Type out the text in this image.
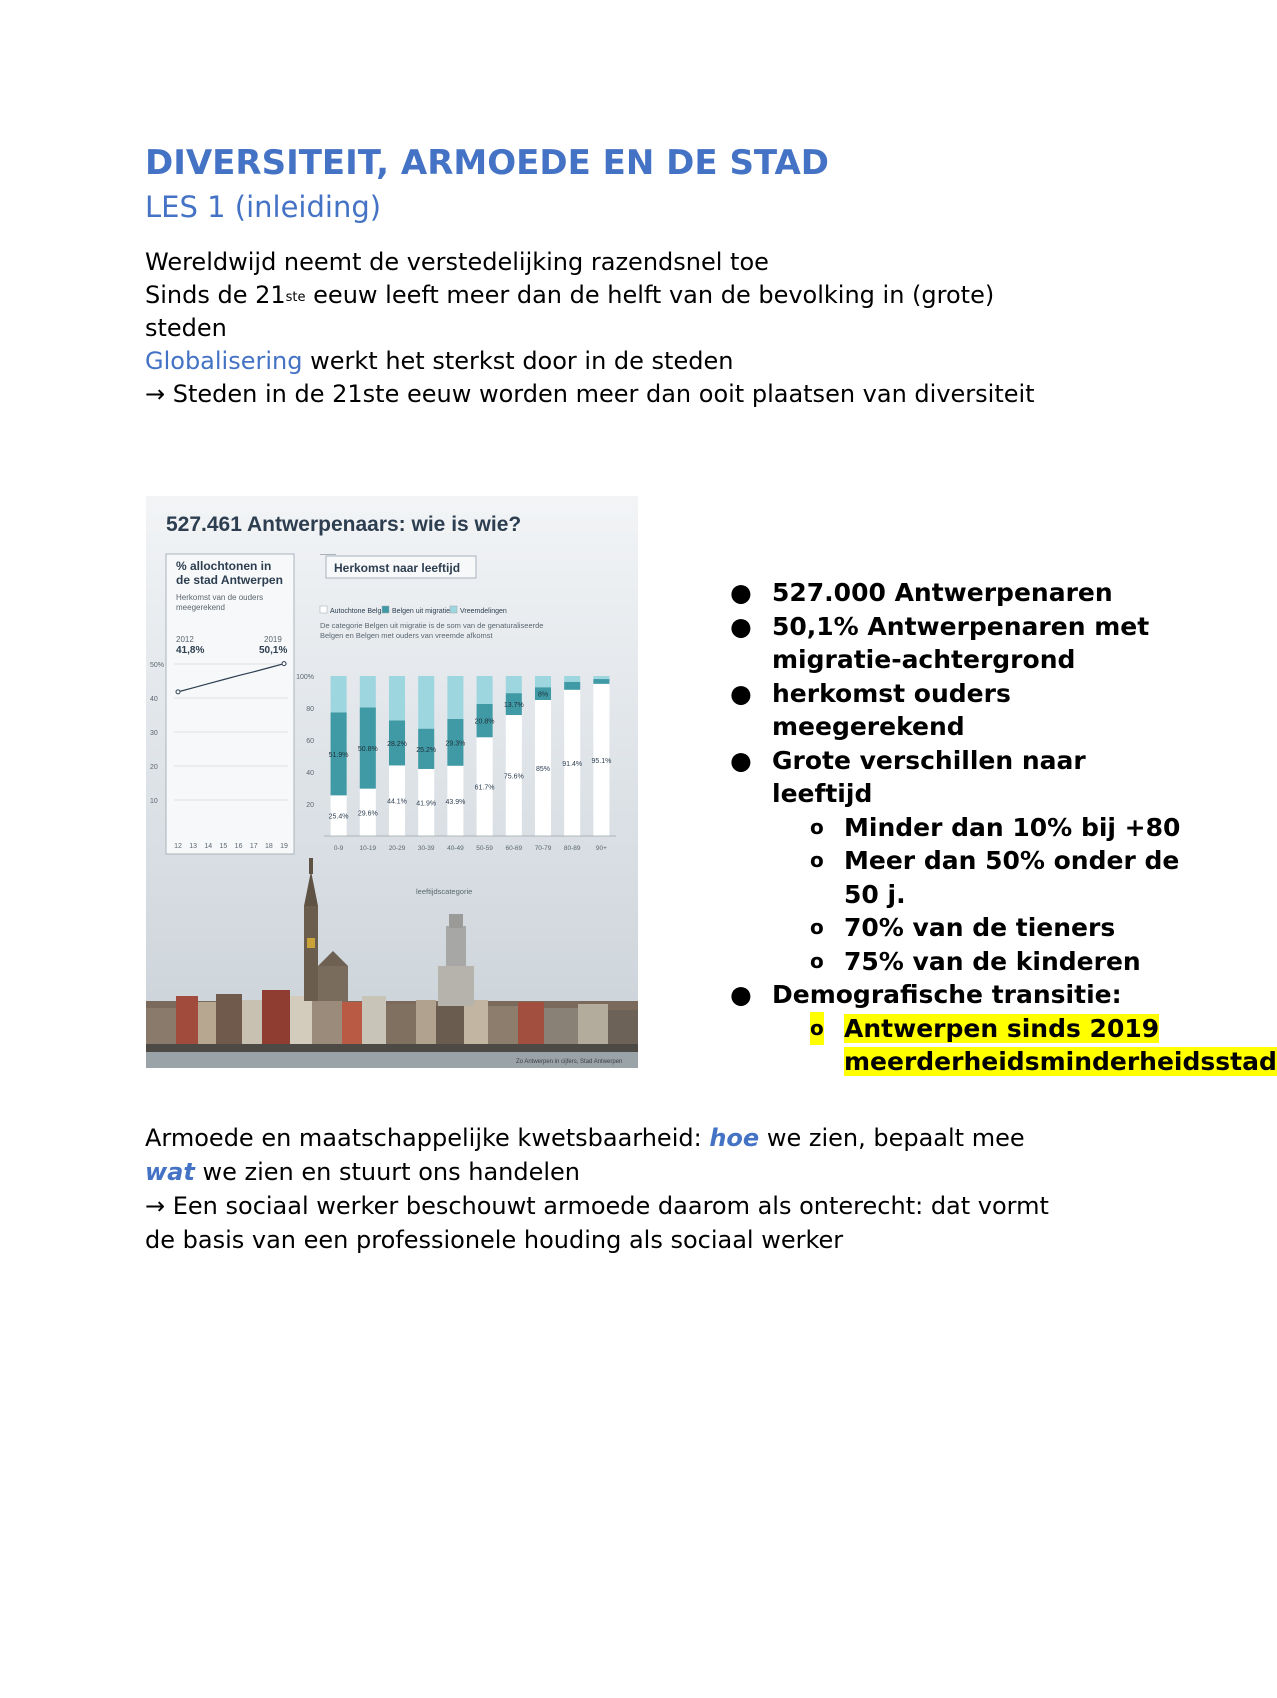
DIVERSITEIT, ARMOEDE EN DE STAD
LES 1 (inleiding)

Wereldwijd neemt de verstedelijking razendsnel toe

Sinds de 21ste eeuw leeft meer dan de helft van de bevolking in (grote) steden

Globalisering werkt het sterkst door in de steden

→ Steden in de 21ste eeuw worden meer dan ooit plaatsen van diversiteit

527.461 Antwerpenaars: wie is wie?
% allochtonen in
de stad Antwerpen
Herkomst van de ouders
meegerekend
2012
41,8%
2019
50,1%
50%
40
30
20
10
12 13 14 15 16 17 18 19
Herkomst naar leeftijd
Autochtone Belg Belgen uit migratie Vreemdelingen
De categorie Belgen uit migratie is de som van de genaturaliseerde
Belgen en Belgen met ouders van vreemde afkomst
100%
80
60
40
20
25.4%
51.9%
0-9
29.6%
50.8%
10-19
44.1%
28.2%
20-29
41.9%
25.2%
30-39
43.9%
29.3%
40-49
61.7%
20.8%
50-59
75.6%
13.7%
60-69
85%
8%
70-79
91.4%
80-89
95.1%
90+
leeftijdscategorie
Zo Antwerpen in cijfers, Stad Antwerpen
● 527.000 Antwerpenaren
● 50,1% Antwerpenaren met migratie-achtergrond
● herkomst ouders meegerekend
● Grote verschillen naar leeftijd
o Minder dan 10% bij +80
o Meer dan 50% onder de 50 j.
o 70% van de tieners
o 75% van de kinderen
● Demografische transitie:
o Antwerpen sinds 2019 meerderheidsminderheidsstad

Armoede en maatschappelijke kwetsbaarheid: hoe we zien, bepaalt mee wat we zien en stuurt ons handelen

→ Een sociaal werker beschouwt armoede daarom als onterecht: dat vormt de basis van een professionele houding als sociaal werker
